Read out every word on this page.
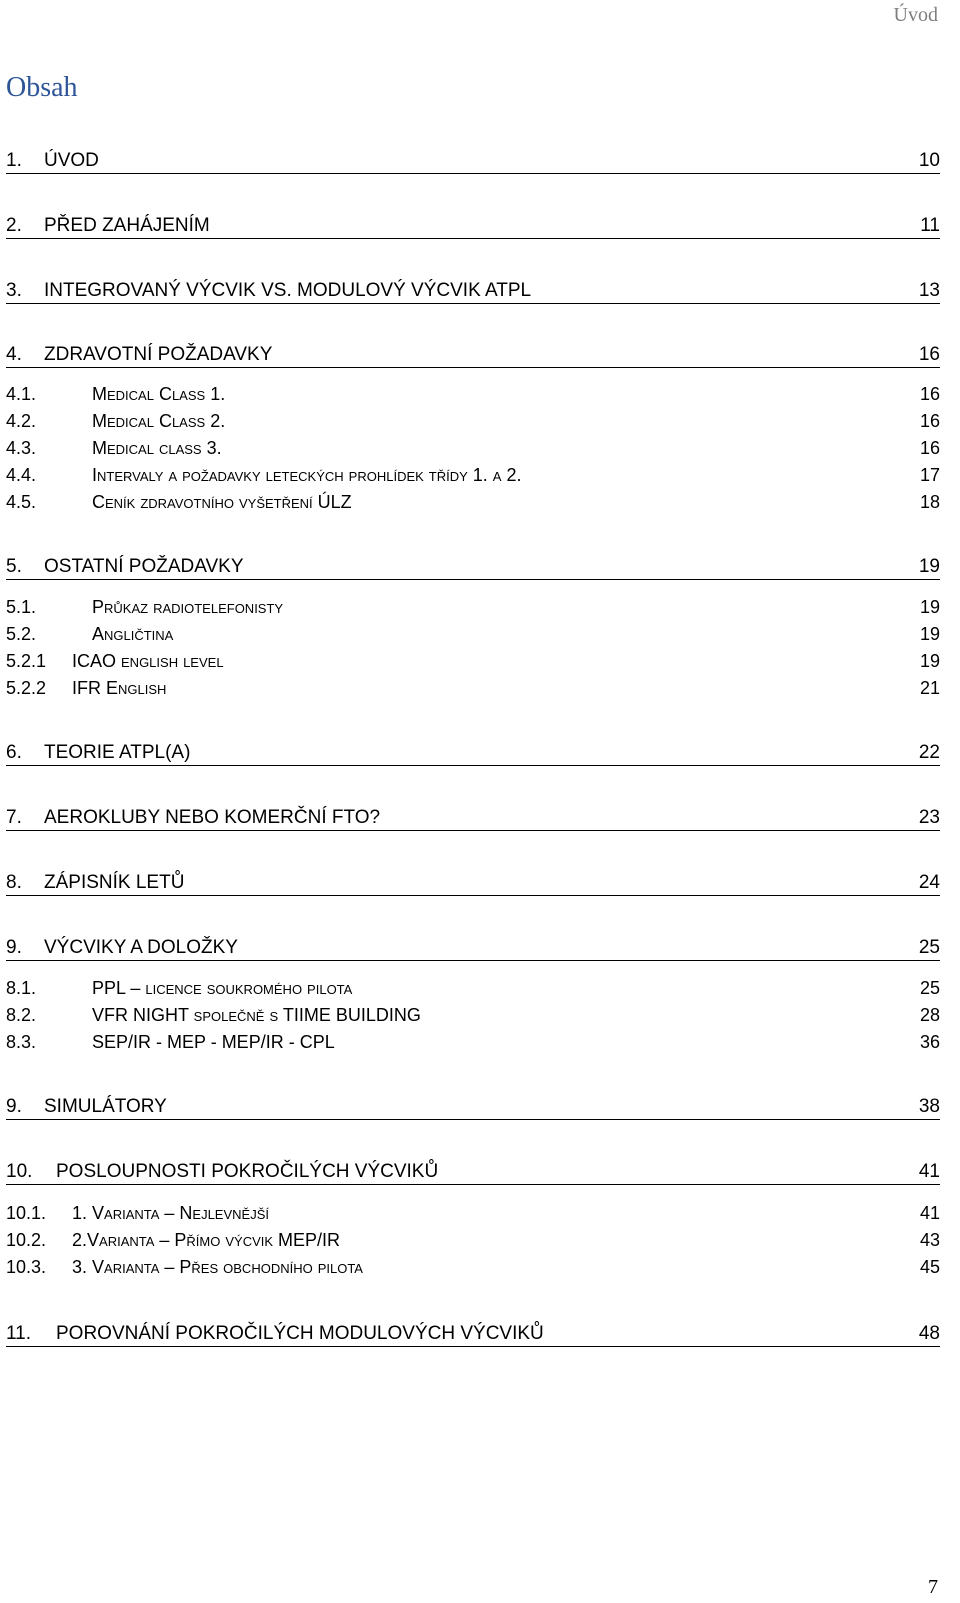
Úvod
Obsah
1.	ÚVOD	10
2.	PŘED ZAHÁJENÍM	11
3.	INTEGROVANÝ VÝCVIK VS. MODULOVÝ VÝCVIK ATPL	13
4.	ZDRAVOTNÍ POŽADAVKY	16
4.1.	Medical Class 1.	16
4.2.	Medical Class 2.	16
4.3.	Medical class 3.	16
4.4.	Intervaly a požadavky leteckých prohlídek třídy 1. a 2.	17
4.5.	Ceník zdravotního vyšetření ÚLZ	18
5.	OSTATNÍ POŽADAVKY	19
5.1.	Průkaz radiotelefonisty	19
5.2.	Angličtina	19
5.2.1	ICAO english level	19
5.2.2	IFR English	21
6.	TEORIE ATPL(A)	22
7.	AEROKLUBY NEBO KOMERČNÍ FTO?	23
8.	ZÁPISNÍK LETŮ	24
9.	VÝCVIKY A DOLOŽKY	25
8.1.	PPL – licence soukromého pilota	25
8.2.	VFR NIGHT společně s TIIME BUILDING	28
8.3.	SEP/IR - MEP - MEP/IR - CPL	36
9.	SIMULÁTORY	38
10.	POSLOUPNOSTI POKROČILÝCH VÝCVIKŮ	41
10.1.	1. Varianta – Nejlevnější	41
10.2.	2.Varianta – Přímo výcvik MEP/IR	43
10.3.	3. Varianta – Přes obchodního pilota	45
11.	POROVNÁNÍ POKROČILÝCH MODULOVÝCH VÝCVIKŮ	48
7
